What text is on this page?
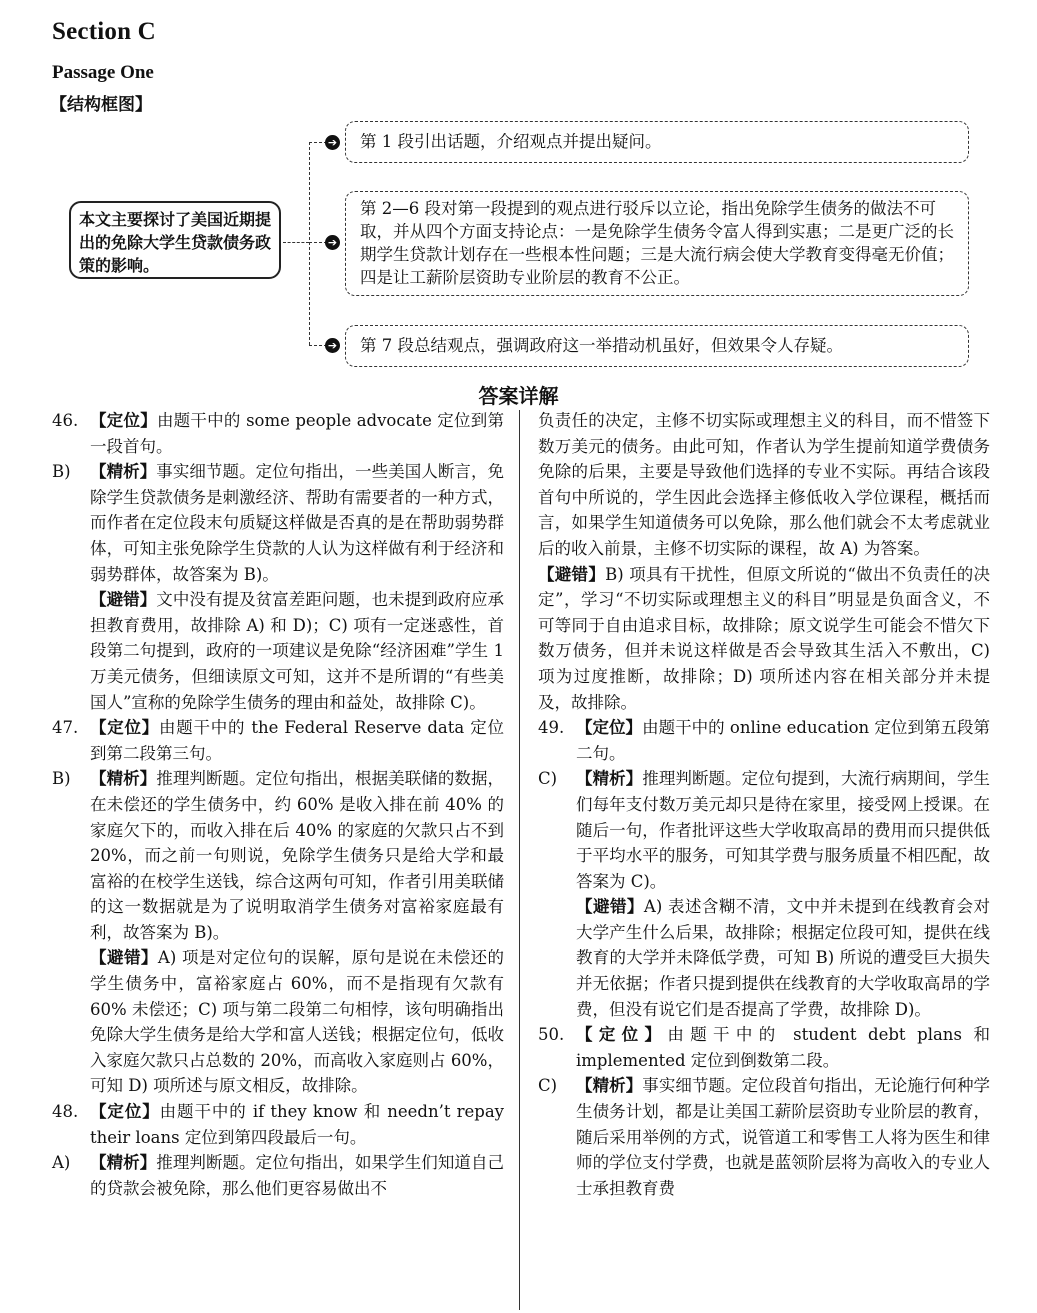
Section C
Passage One
【结构框图】
本文主要探讨了美国近期提出的免除大学生贷款债务政策的影响。
➔
➔
➔
第 1 段引出话题，介绍观点并提出疑问。
第 2—6 段对第一段提到的观点进行驳斥以立论，指出免除学生债务的做法不可取，并从四个方面支持论点：一是免除学生债务令富人得到实惠；二是更广泛的长期学生贷款计划存在一些根本性问题；三是大流行病会使大学教育变得毫无价值；四是让工薪阶层资助专业阶层的教育不公正。
第 7 段总结观点，强调政府这一举措动机虽好，但效果令人存疑。
答案详解
46. 【定位】由题干中的 some people advocate 定位到第一段首句。
B) 【精析】事实细节题。定位句指出，一些美国人断言，免除学生贷款债务是刺激经济、帮助有需要者的一种方式，而作者在定位段末句质疑这样做是否真的是在帮助弱势群体，可知主张免除学生贷款的人认为这样做有利于经济和弱势群体，故答案为 B)。
【避错】文中没有提及贫富差距问题，也未提到政府应承担教育费用，故排除 A) 和 D)；C) 项有一定迷惑性，首段第二句提到，政府的一项建议是免除“经济困难”学生 1 万美元债务，但细读原文可知，这并不是所谓的“有些美国人”宣称的免除学生债务的理由和益处，故排除 C)。
47. 【定位】由题干中的 the Federal Reserve data 定位到第二段第三句。
B) 【精析】推理判断题。定位句指出，根据美联储的数据，在未偿还的学生债务中，约 60% 是收入排在前 40% 的家庭欠下的，而收入排在后 40% 的家庭的欠款只占不到 20%，而之前一句则说，免除学生债务只是给大学和最富裕的在校学生送钱，综合这两句可知，作者引用美联储的这一数据就是为了说明取消学生债务对富裕家庭最有利，故答案为 B)。
【避错】A) 项是对定位句的误解，原句是说在未偿还的学生债务中，富裕家庭占 60%，而不是指现有欠款有 60% 未偿还；C) 项与第二段第二句相悖，该句明确指出免除大学生债务是给大学和富人送钱；根据定位句，低收入家庭欠款只占总数的 20%，而高收入家庭则占 60%，可知 D) 项所述与原文相反，故排除。
48. 【定位】由题干中的 if they know 和 needn’t repay their loans 定位到第四段最后一句。
A) 【精析】推理判断题。定位句指出，如果学生们知道自己的贷款会被免除，那么他们更容易做出不
负责任的决定，主修不切实际或理想主义的科目，而不惜签下数万美元的债务。由此可知，作者认为学生提前知道学费债务免除的后果，主要是导致他们选择的专业不实际。再结合该段首句中所说的，学生因此会选择主修低收入学位课程，概括而言，如果学生知道债务可以免除，那么他们就会不太考虑就业后的收入前景，主修不切实际的课程，故 A) 为答案。
【避错】B) 项具有干扰性，但原文所说的“做出不负责任的决定”，学习“不切实际或理想主义的科目”明显是负面含义，不可等同于自由追求目标，故排除；原文说学生可能会不惜欠下数万债务，但并未说这样做是否会导致其生活入不敷出，C) 项为过度推断，故排除；D) 项所述内容在相关部分并未提及，故排除。
49. 【定位】由题干中的 online education 定位到第五段第二句。
C) 【精析】推理判断题。定位句提到，大流行病期间，学生们每年支付数万美元却只是待在家里，接受网上授课。在随后一句，作者批评这些大学收取高昂的费用而只提供低于平均水平的服务，可知其学费与服务质量不相匹配，故答案为 C)。
【避错】A) 表述含糊不清，文中并未提到在线教育会对大学产生什么后果，故排除；根据定位段可知，提供在线教育的大学并未降低学费，可知 B) 所说的遭受巨大损失并无依据；作者只提到提供在线教育的大学收取高昂的学费，但没有说它们是否提高了学费，故排除 D)。
50. 【定位】由题干中的 student debt plans 和 implemented 定位到倒数第二段。
C) 【精析】事实细节题。定位段首句指出，无论施行何种学生债务计划，都是让美国工薪阶层资助专业阶层的教育，随后采用举例的方式，说管道工和零售工人将为医生和律师的学位支付学费，也就是蓝领阶层将为高收入的专业人士承担教育费
